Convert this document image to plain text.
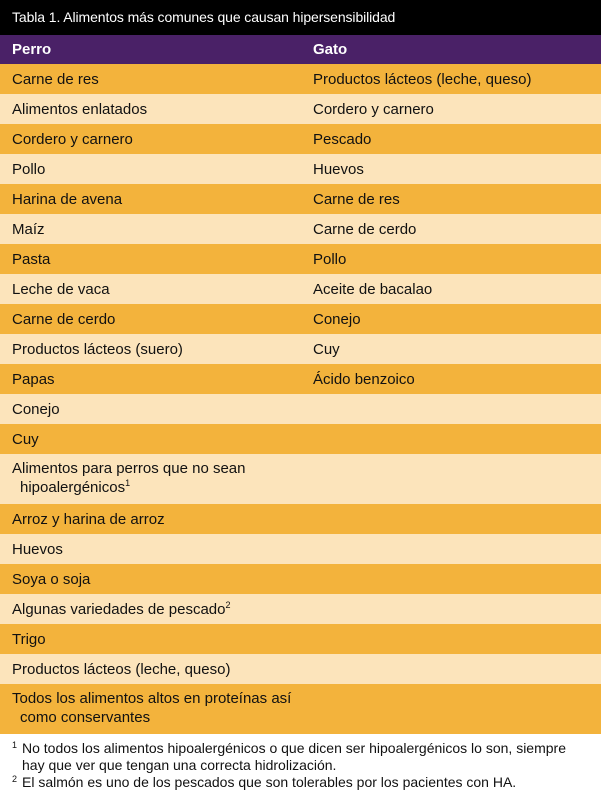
Tabla 1. Alimentos más comunes que causan hipersensibilidad
Perro	Gato
Carne de res	Productos lácteos (leche, queso)
Alimentos enlatados	Cordero y carnero
Cordero y carnero	Pescado
Pollo	Huevos
Harina de avena	Carne de res
Maíz	Carne de cerdo
Pasta	Pollo
Leche de vaca	Aceite de bacalao
Carne de cerdo	Conejo
Productos lácteos (suero)	Cuy
Papas	Ácido benzoico
Conejo
Cuy
Alimentos para perros que no sean
hipoalergénicos$^1$
Arroz y harina de arroz
Huevos
Soya o soja
Algunas variedades de pescado$^2$
Trigo
Productos lácteos (leche, queso)
Todos los alimentos altos en proteínas así
como conservantes
1 No todos los alimentos hipoalergénicos o que dicen ser hipoalergénicos lo son, siempre hay que ver que tengan una correcta hidrolización.
2 El salmón es uno de los pescados que son tolerables por los pacientes con HA.
